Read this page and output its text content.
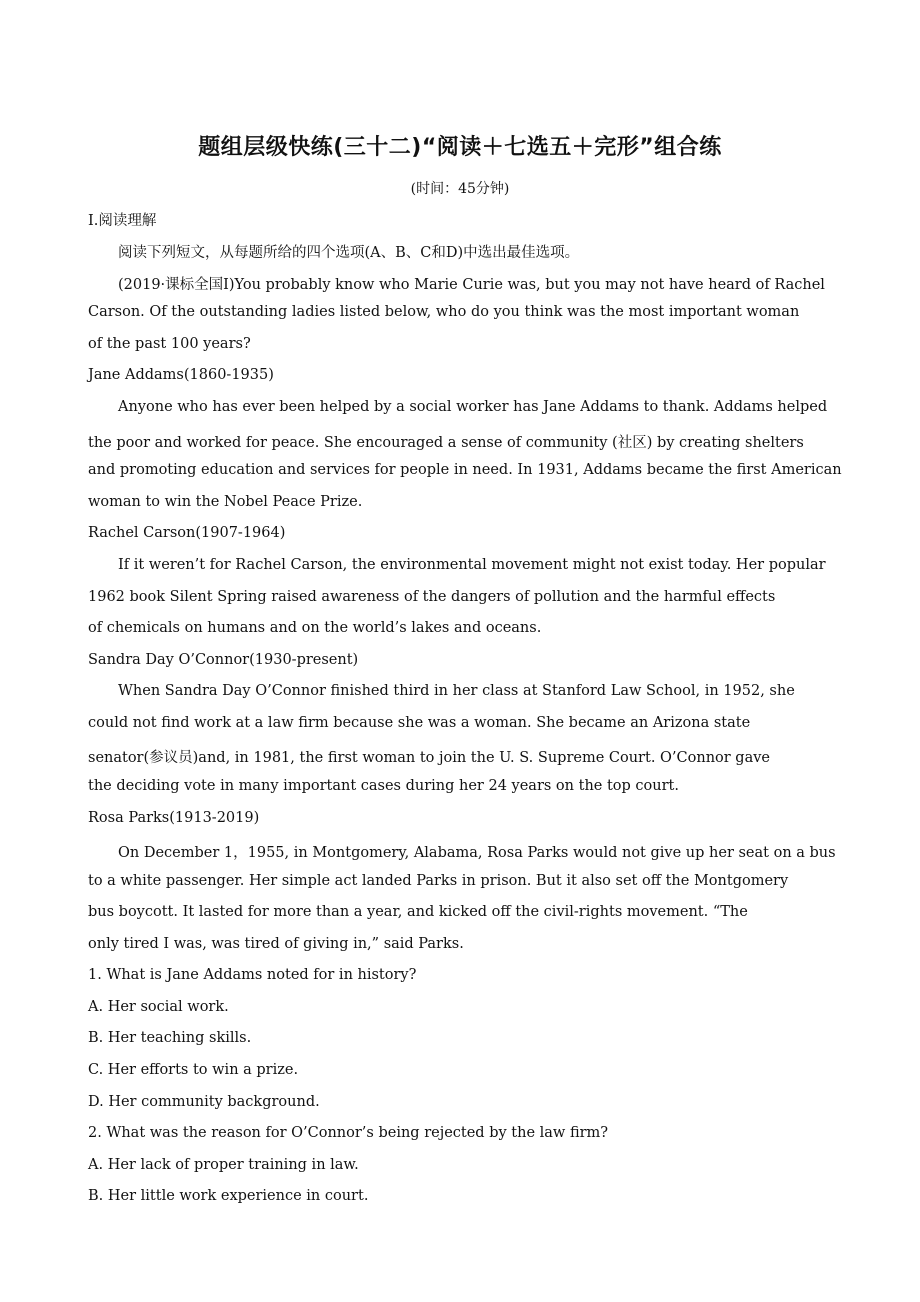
题组层级快练(三十二)“阅读＋七选五＋完形”组合练
(时间：45分钟)
Ⅰ.阅读理解
阅读下列短文，从每题所给的四个选项(A、B、C和D)中选出最佳选项。
(2019·课标全国Ⅰ)You probably know who Marie Curie was, but you may not have heard of Rachel
Carson. Of the outstanding ladies listed below, who do you think was the most important woman
of the past 100 years?
Jane Addams(1860-1935)
Anyone who has ever been helped by a social worker has Jane Addams to thank. Addams helped
the poor and worked for peace. She encouraged a sense of community (社区) by creating shelters
and promoting education and services for people in need. In 1931, Addams became the first American
woman to win the Nobel Peace Prize.
Rachel Carson(1907-1964)
If it weren’t for Rachel Carson, the environmental movement might not exist today. Her popular
1962 book Silent Spring raised awareness of the dangers of pollution and the harmful effects
of chemicals on humans and on the world’s lakes and oceans.
Sandra Day O’Connor(1930-present)
When Sandra Day O’Connor finished third in her class at Stanford Law School, in 1952, she
could not find work at a law firm because she was a woman. She became an Arizona state
senator(参议员)and, in 1981, the first woman to join the U. S. Supreme Court. O’Connor gave
the deciding vote in many important cases during her 24 years on the top court.
Rosa Parks(1913-2019)
On December 1，1955, in Montgomery, Alabama, Rosa Parks would not give up her seat on a bus
to a white passenger. Her simple act landed Parks in prison. But it also set off the Montgomery
bus boycott. It lasted for more than a year, and kicked off the civil-rights movement. “The
only tired I was, was tired of giving in,” said Parks.
1. What is Jane Addams noted for in history?
A. Her social work.
B. Her teaching skills.
C. Her efforts to win a prize.
D. Her community background.
2. What was the reason for O’Connor’s being rejected by the law firm?
A. Her lack of proper training in law.
B. Her little work experience in court.
